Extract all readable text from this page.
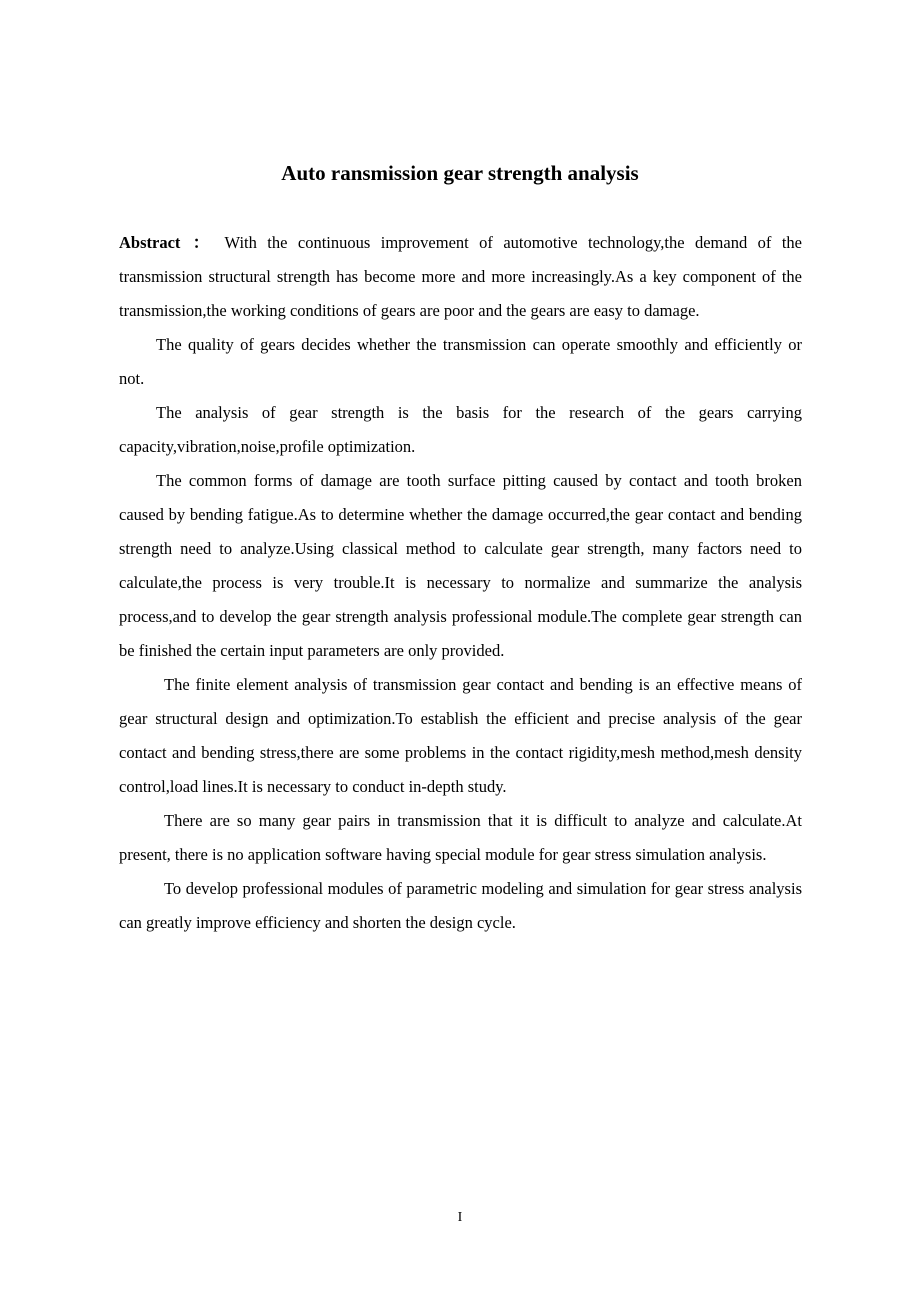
Auto ransmission gear strength analysis

Abstract ： With the continuous improvement of automotive technology,the demand of the transmission structural strength has become more and more increasingly.As a key component of the transmission,the working conditions of gears are poor and the gears are easy to damage.

The quality of gears decides whether the transmission can operate smoothly and efficiently or not.

The analysis of gear strength is the basis for the research of the gears carrying capacity,vibration,noise,profile optimization.

The common forms of damage are tooth surface pitting caused by contact and tooth broken caused by bending fatigue.As to determine whether the damage occurred,the gear contact and bending strength need to analyze.Using classical method to calculate gear strength, many factors need to calculate,the process is very trouble.It is necessary to normalize and summarize the analysis process,and to develop the gear strength analysis professional module.The complete gear strength can be finished the certain input parameters are only provided.

The finite element analysis of transmission gear contact and bending is an effective means of gear structural design and optimization.To establish the efficient and precise analysis of the gear contact and bending stress,there are some problems in the contact rigidity,mesh method,mesh density control,load lines.It is necessary to conduct in-depth study.

There are so many gear pairs in transmission that it is difficult to analyze and calculate.At present, there is no application software having special module for gear stress simulation analysis.

To develop professional modules of parametric modeling and simulation for gear stress analysis can greatly improve efficiency and shorten the design cycle.

I
